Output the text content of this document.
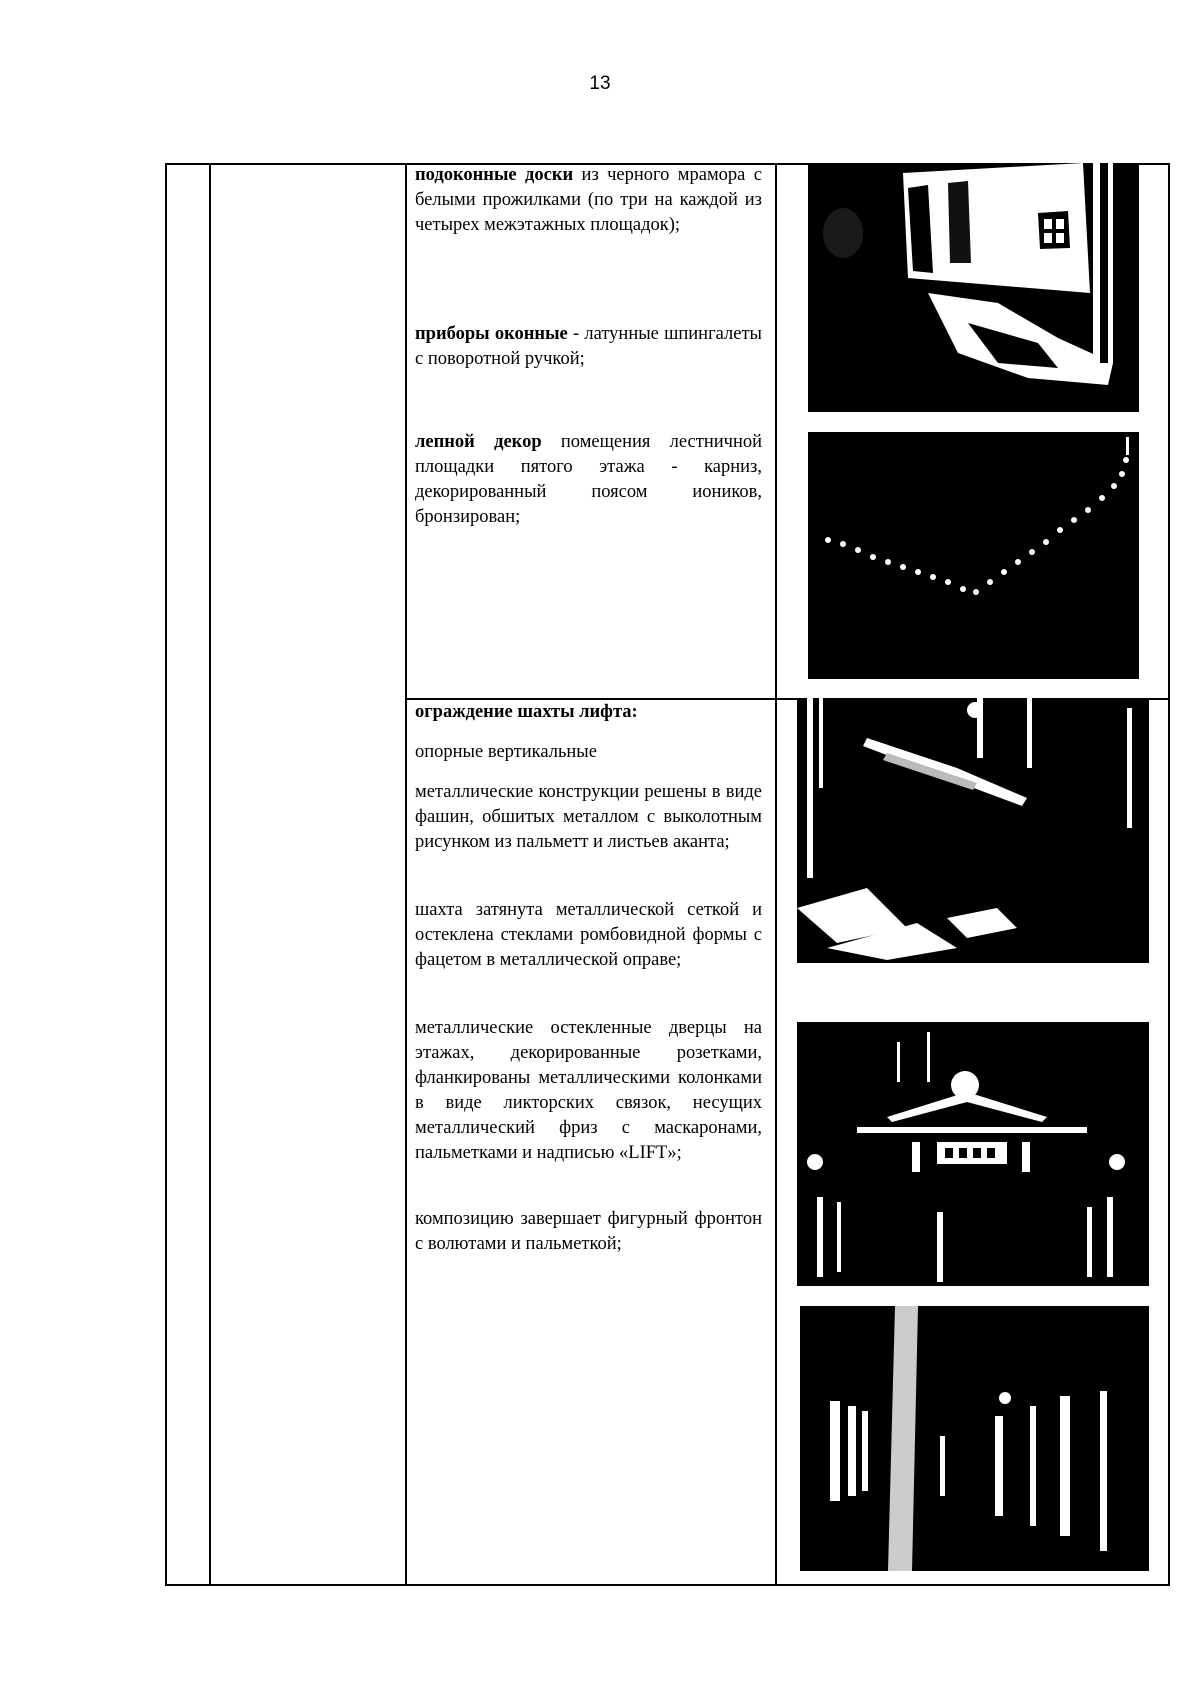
13

подоконные доски из черного мрамора с белыми прожилками (по три на каждой из четырех межэтажных площадок);

приборы оконные - латунные шпингалеты с поворотной ручкой;

лепной декор помещения лестничной площадки пятого этажа - карниз, декорированный поясом иоников, бронзирован;

ограждение шахты лифта:

опорные вертикальные

металлические конструкции решены в виде фашин, обшитых металлом с выколотным рисунком из пальметт и листьев аканта;

шахта затянута металлической сеткой и остеклена стеклами ромбовидной формы с фацетом в металлической оправе;

металлические остекленные дверцы на этажах, декорированные розетками, фланкированы металлическими колонками в виде ликторских связок, несущих металлический фриз с маскаронами, пальметками и надписью «LIFT»;

композицию завершает фигурный фронтон с волютами и пальметкой;
